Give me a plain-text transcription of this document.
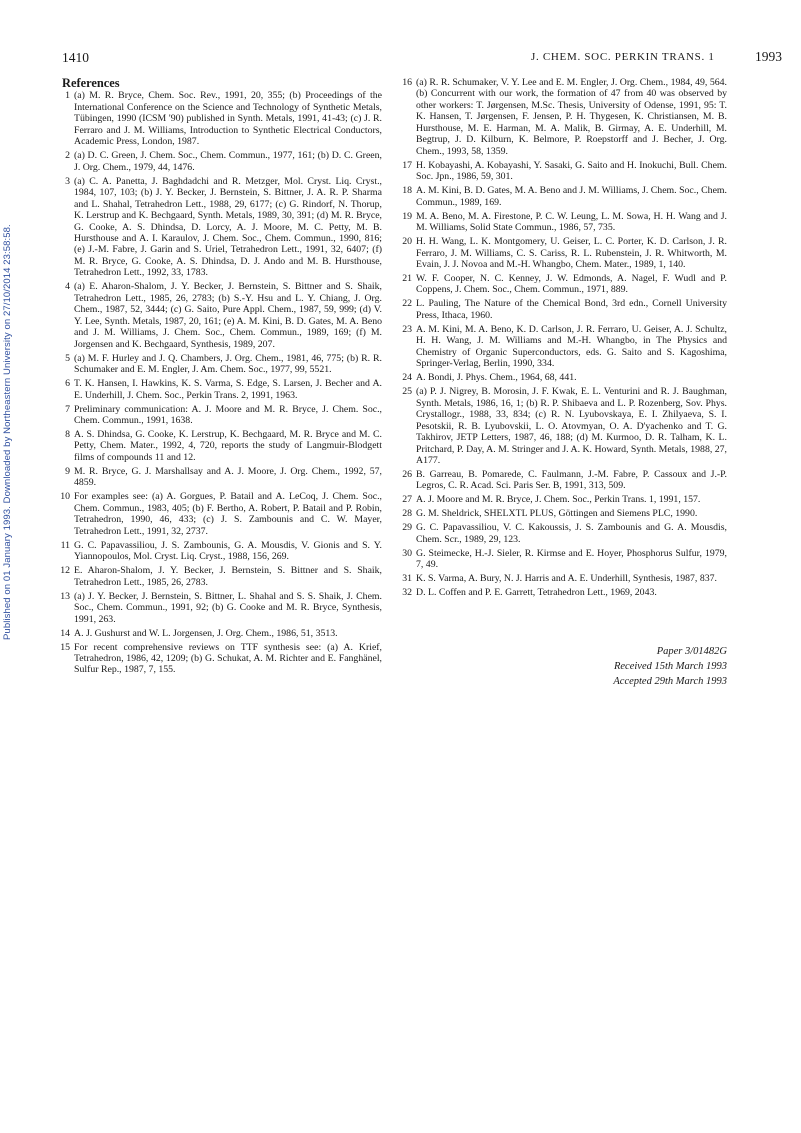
Published on 01 January 1993. Downloaded by Northeastern University on 27/10/2014 23:58:58.
1410	J. CHEM. SOC. PERKIN TRANS. 1	1993
References
1 (a) M. R. Bryce, Chem. Soc. Rev., 1991, 20, 355; (b) Proceedings of the International Conference on the Science and Technology of Synthetic Metals, Tübingen, 1990 (ICSM '90) published in Synth. Metals, 1991, 41-43; (c) J. R. Ferraro and J. M. Williams, Introduction to Synthetic Electrical Conductors, Academic Press, London, 1987.

2 (a) D. C. Green, J. Chem. Soc., Chem. Commun., 1977, 161; (b) D. C. Green, J. Org. Chem., 1979, 44, 1476.

3 (a) C. A. Panetta, J. Baghdadchi and R. Metzger, Mol. Cryst. Liq. Cryst., 1984, 107, 103; (b) J. Y. Becker, J. Bernstein, S. Bittner, J. A. R. P. Sharma and L. Shahal, Tetrahedron Lett., 1988, 29, 6177; (c) G. Rindorf, N. Thorup, K. Lerstrup and K. Bechgaard, Synth. Metals, 1989, 30, 391; (d) M. R. Bryce, G. Cooke, A. S. Dhindsa, D. Lorcy, A. J. Moore, M. C. Petty, M. B. Hursthouse and A. I. Karaulov, J. Chem. Soc., Chem. Commun., 1990, 816; (e) J.-M. Fabre, J. Garin and S. Uriel, Tetrahedron Lett., 1991, 32, 6407; (f) M. R. Bryce, G. Cooke, A. S. Dhindsa, D. J. Ando and M. B. Hursthouse, Tetrahedron Lett., 1992, 33, 1783.

4 (a) E. Aharon-Shalom, J. Y. Becker, J. Bernstein, S. Bittner and S. Shaik, Tetrahedron Lett., 1985, 26, 2783; (b) S.-Y. Hsu and L. Y. Chiang, J. Org. Chem., 1987, 52, 3444; (c) G. Saito, Pure Appl. Chem., 1987, 59, 999; (d) V. Y. Lee, Synth. Metals, 1987, 20, 161; (e) A. M. Kini, B. D. Gates, M. A. Beno and J. M. Williams, J. Chem. Soc., Chem. Commun., 1989, 169; (f) M. Jorgensen and K. Bechgaard, Synthesis, 1989, 207.

5 (a) M. F. Hurley and J. Q. Chambers, J. Org. Chem., 1981, 46, 775; (b) R. R. Schumaker and E. M. Engler, J. Am. Chem. Soc., 1977, 99, 5521.

6 T. K. Hansen, I. Hawkins, K. S. Varma, S. Edge, S. Larsen, J. Becher and A. E. Underhill, J. Chem. Soc., Perkin Trans. 2, 1991, 1963.

7 Preliminary communication: A. J. Moore and M. R. Bryce, J. Chem. Soc., Chem. Commun., 1991, 1638.

8 A. S. Dhindsa, G. Cooke, K. Lerstrup, K. Bechgaard, M. R. Bryce and M. C. Petty, Chem. Mater., 1992, 4, 720, reports the study of Langmuir-Blodgett films of compounds 11 and 12.

9 M. R. Bryce, G. J. Marshallsay and A. J. Moore, J. Org. Chem., 1992, 57, 4859.

10 For examples see: (a) A. Gorgues, P. Batail and A. LeCoq, J. Chem. Soc., Chem. Commun., 1983, 405; (b) F. Bertho, A. Robert, P. Batail and P. Robin, Tetrahedron, 1990, 46, 433; (c) J. S. Zambounis and C. W. Mayer, Tetrahedron Lett., 1991, 32, 2737.

11 G. C. Papavassiliou, J. S. Zambounis, G. A. Mousdis, V. Gionis and S. Y. Yiannopoulos, Mol. Cryst. Liq. Cryst., 1988, 156, 269.

12 E. Aharon-Shalom, J. Y. Becker, J. Bernstein, S. Bittner and S. Shaik, Tetrahedron Lett., 1985, 26, 2783.

13 (a) J. Y. Becker, J. Bernstein, S. Bittner, L. Shahal and S. S. Shaik, J. Chem. Soc., Chem. Commun., 1991, 92; (b) G. Cooke and M. R. Bryce, Synthesis, 1991, 263.

14 A. J. Gushurst and W. L. Jorgensen, J. Org. Chem., 1986, 51, 3513.

15 For recent comprehensive reviews on TTF synthesis see: (a) A. Krief, Tetrahedron, 1986, 42, 1209; (b) G. Schukat, A. M. Richter and E. Fanghänel, Sulfur Rep., 1987, 7, 155.

16 (a) R. R. Schumaker, V. Y. Lee and E. M. Engler, J. Org. Chem., 1984, 49, 564. (b) Concurrent with our work, the formation of 47 from 40 was observed by other workers: T. Jørgensen, M.Sc. Thesis, University of Odense, 1991, 95: T. K. Hansen, T. Jørgensen, F. Jensen, P. H. Thygesen, K. Christiansen, M. B. Hursthouse, M. E. Harman, M. A. Malik, B. Girmay, A. E. Underhill, M. Begtrup, J. D. Kilburn, K. Belmore, P. Roepstorff and J. Becher, J. Org. Chem., 1993, 58, 1359.

17 H. Kobayashi, A. Kobayashi, Y. Sasaki, G. Saito and H. Inokuchi, Bull. Chem. Soc. Jpn., 1986, 59, 301.

18 A. M. Kini, B. D. Gates, M. A. Beno and J. M. Williams, J. Chem. Soc., Chem. Commun., 1989, 169.

19 M. A. Beno, M. A. Firestone, P. C. W. Leung, L. M. Sowa, H. H. Wang and J. M. Williams, Solid State Commun., 1986, 57, 735.

20 H. H. Wang, L. K. Montgomery, U. Geiser, L. C. Porter, K. D. Carlson, J. R. Ferraro, J. M. Williams, C. S. Cariss, R. L. Rubenstein, J. R. Whitworth, M. Evain, J. J. Novoa and M.-H. Whangbo, Chem. Mater., 1989, 1, 140.

21 W. F. Cooper, N. C. Kenney, J. W. Edmonds, A. Nagel, F. Wudl and P. Coppens, J. Chem. Soc., Chem. Commun., 1971, 889.

22 L. Pauling, The Nature of the Chemical Bond, 3rd edn., Cornell University Press, Ithaca, 1960.

23 A. M. Kini, M. A. Beno, K. D. Carlson, J. R. Ferraro, U. Geiser, A. J. Schultz, H. H. Wang, J. M. Williams and M.-H. Whangbo, in The Physics and Chemistry of Organic Superconductors, eds. G. Saito and S. Kagoshima, Springer-Verlag, Berlin, 1990, 334.

24 A. Bondi, J. Phys. Chem., 1964, 68, 441.

25 (a) P. J. Nigrey, B. Morosin, J. F. Kwak, E. L. Venturini and R. J. Baughman, Synth. Metals, 1986, 16, 1; (b) R. P. Shibaeva and L. P. Rozenberg, Sov. Phys. Crystallogr., 1988, 33, 834; (c) R. N. Lyubovskaya, E. I. Zhilyaeva, S. I. Pesotskii, R. B. Lyubovskii, L. O. Atovmyan, O. A. D'yachenko and T. G. Takhirov, JETP Letters, 1987, 46, 188; (d) M. Kurmoo, D. R. Talham, K. L. Pritchard, P. Day, A. M. Stringer and J. A. K. Howard, Synth. Metals, 1988, 27, A177.

26 B. Garreau, B. Pomarede, C. Faulmann, J.-M. Fabre, P. Cassoux and J.-P. Legros, C. R. Acad. Sci. Paris Ser. B, 1991, 313, 509.

27 A. J. Moore and M. R. Bryce, J. Chem. Soc., Perkin Trans. 1, 1991, 157.

28 G. M. Sheldrick, SHELXTL PLUS, Göttingen and Siemens PLC, 1990.

29 G. C. Papavassiliou, V. C. Kakoussis, J. S. Zambounis and G. A. Mousdis, Chem. Scr., 1989, 29, 123.

30 G. Steimecke, H.-J. Sieler, R. Kirmse and E. Hoyer, Phosphorus Sulfur, 1979, 7, 49.

31 K. S. Varma, A. Bury, N. J. Harris and A. E. Underhill, Synthesis, 1987, 837.

32 D. L. Coffen and P. E. Garrett, Tetrahedron Lett., 1969, 2043.

Paper 3/01482G
Received 15th March 1993
Accepted 29th March 1993
